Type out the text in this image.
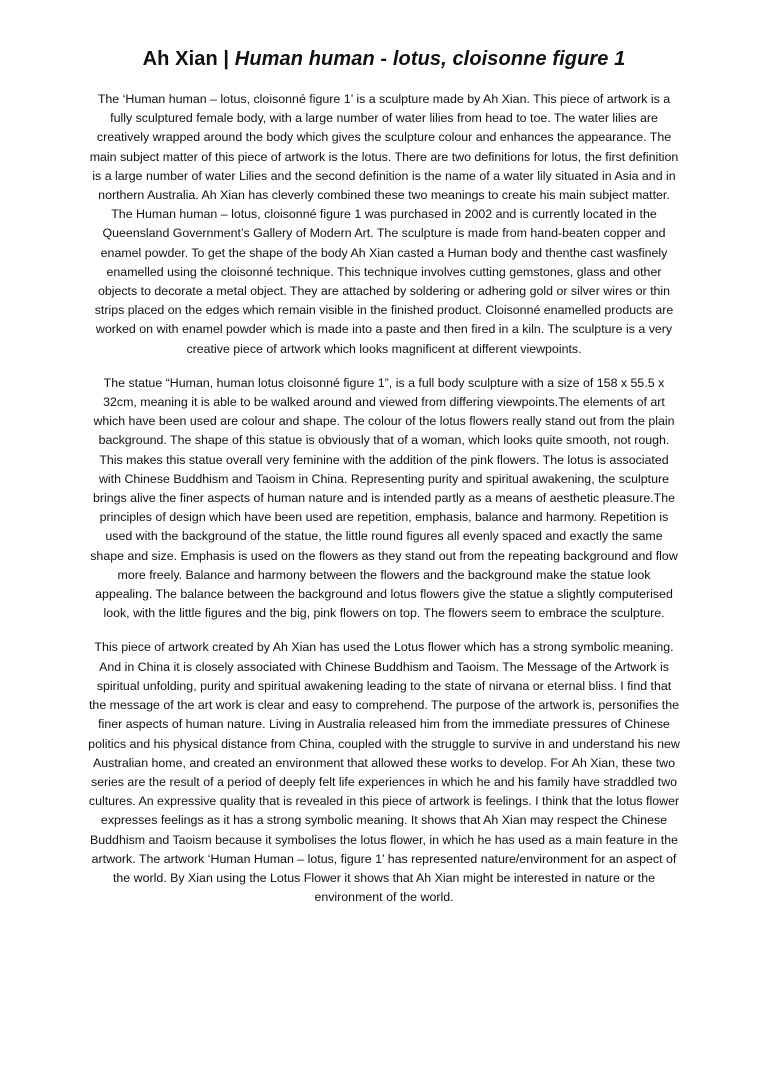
Ah Xian | Human human - lotus, cloisonne figure 1

The ‘Human human – lotus, cloisonné figure 1’ is a sculpture made by Ah Xian. This piece of artwork is a fully sculptured female body, with a large number of water lilies from head to toe. The water lilies are creatively wrapped around the body which gives the sculpture colour and enhances the appearance. The main subject matter of this piece of artwork is the lotus. There are two definitions for lotus, the first definition is a large number of water Lilies and the second definition is the name of a water lily situated in Asia and in northern Australia. Ah Xian has cleverly combined these two meanings to create his main subject matter. The Human human – lotus, cloisonné figure 1 was purchased in 2002 and is currently located in the Queensland Government’s Gallery of Modern Art. The sculpture is made from hand-beaten copper and enamel powder. To get the shape of the body Ah Xian casted a Human body and thenthe cast wasfinely enamelled using the cloisonné technique. This technique involves cutting gemstones, glass and other objects to decorate a metal object. They are attached by soldering or adhering gold or silver wires or thin strips placed on the edges which remain visible in the finished product. Cloisonné enamelled products are worked on with enamel powder which is made into a paste and then fired in a kiln. The sculpture is a very creative piece of artwork which looks magnificent at different viewpoints.

The statue “Human, human lotus cloisonné figure 1”, is a full body sculpture with a size of 158 x 55.5 x 32cm, meaning it is able to be walked around and viewed from differing viewpoints.The elements of art which have been used are colour and shape. The colour of the lotus flowers really stand out from the plain background. The shape of this statue is obviously that of a woman, which looks quite smooth, not rough. This makes this statue overall very feminine with the addition of the pink flowers. The lotus is associated with Chinese Buddhism and Taoism in China. Representing purity and spiritual awakening, the sculpture brings alive the finer aspects of human nature and is intended partly as a means of aesthetic pleasure.The principles of design which have been used are repetition, emphasis, balance and harmony. Repetition is used with the background of the statue, the little round figures all evenly spaced and exactly the same shape and size. Emphasis is used on the flowers as they stand out from the repeating background and flow more freely. Balance and harmony between the flowers and the background make the statue look appealing. The balance between the background and lotus flowers give the statue a slightly computerised look, with the little figures and the big, pink flowers on top. The flowers seem to embrace the sculpture.

This piece of artwork created by Ah Xian has used the Lotus flower which has a strong symbolic meaning. And in China it is closely associated with Chinese Buddhism and Taoism. The Message of the Artwork is spiritual unfolding, purity and spiritual awakening leading to the state of nirvana or eternal bliss. I find that the message of the art work is clear and easy to comprehend. The purpose of the artwork is, personifies the finer aspects of human nature. Living in Australia released him from the immediate pressures of Chinese politics and his physical distance from China, coupled with the struggle to survive in and understand his new Australian home, and created an environment that allowed these works to develop. For Ah Xian, these two series are the result of a period of deeply felt life experiences in which he and his family have straddled two cultures. An expressive quality that is revealed in this piece of artwork is feelings. I think that the lotus flower expresses feelings as it has a strong symbolic meaning. It shows that Ah Xian may respect the Chinese Buddhism and Taoism because it symbolises the lotus flower, in which he has used as a main feature in the artwork. The artwork ‘Human Human – lotus, figure 1’ has represented nature/environment for an aspect of the world. By Xian using the Lotus Flower it shows that Ah Xian might be interested in nature or the environment of the world.
